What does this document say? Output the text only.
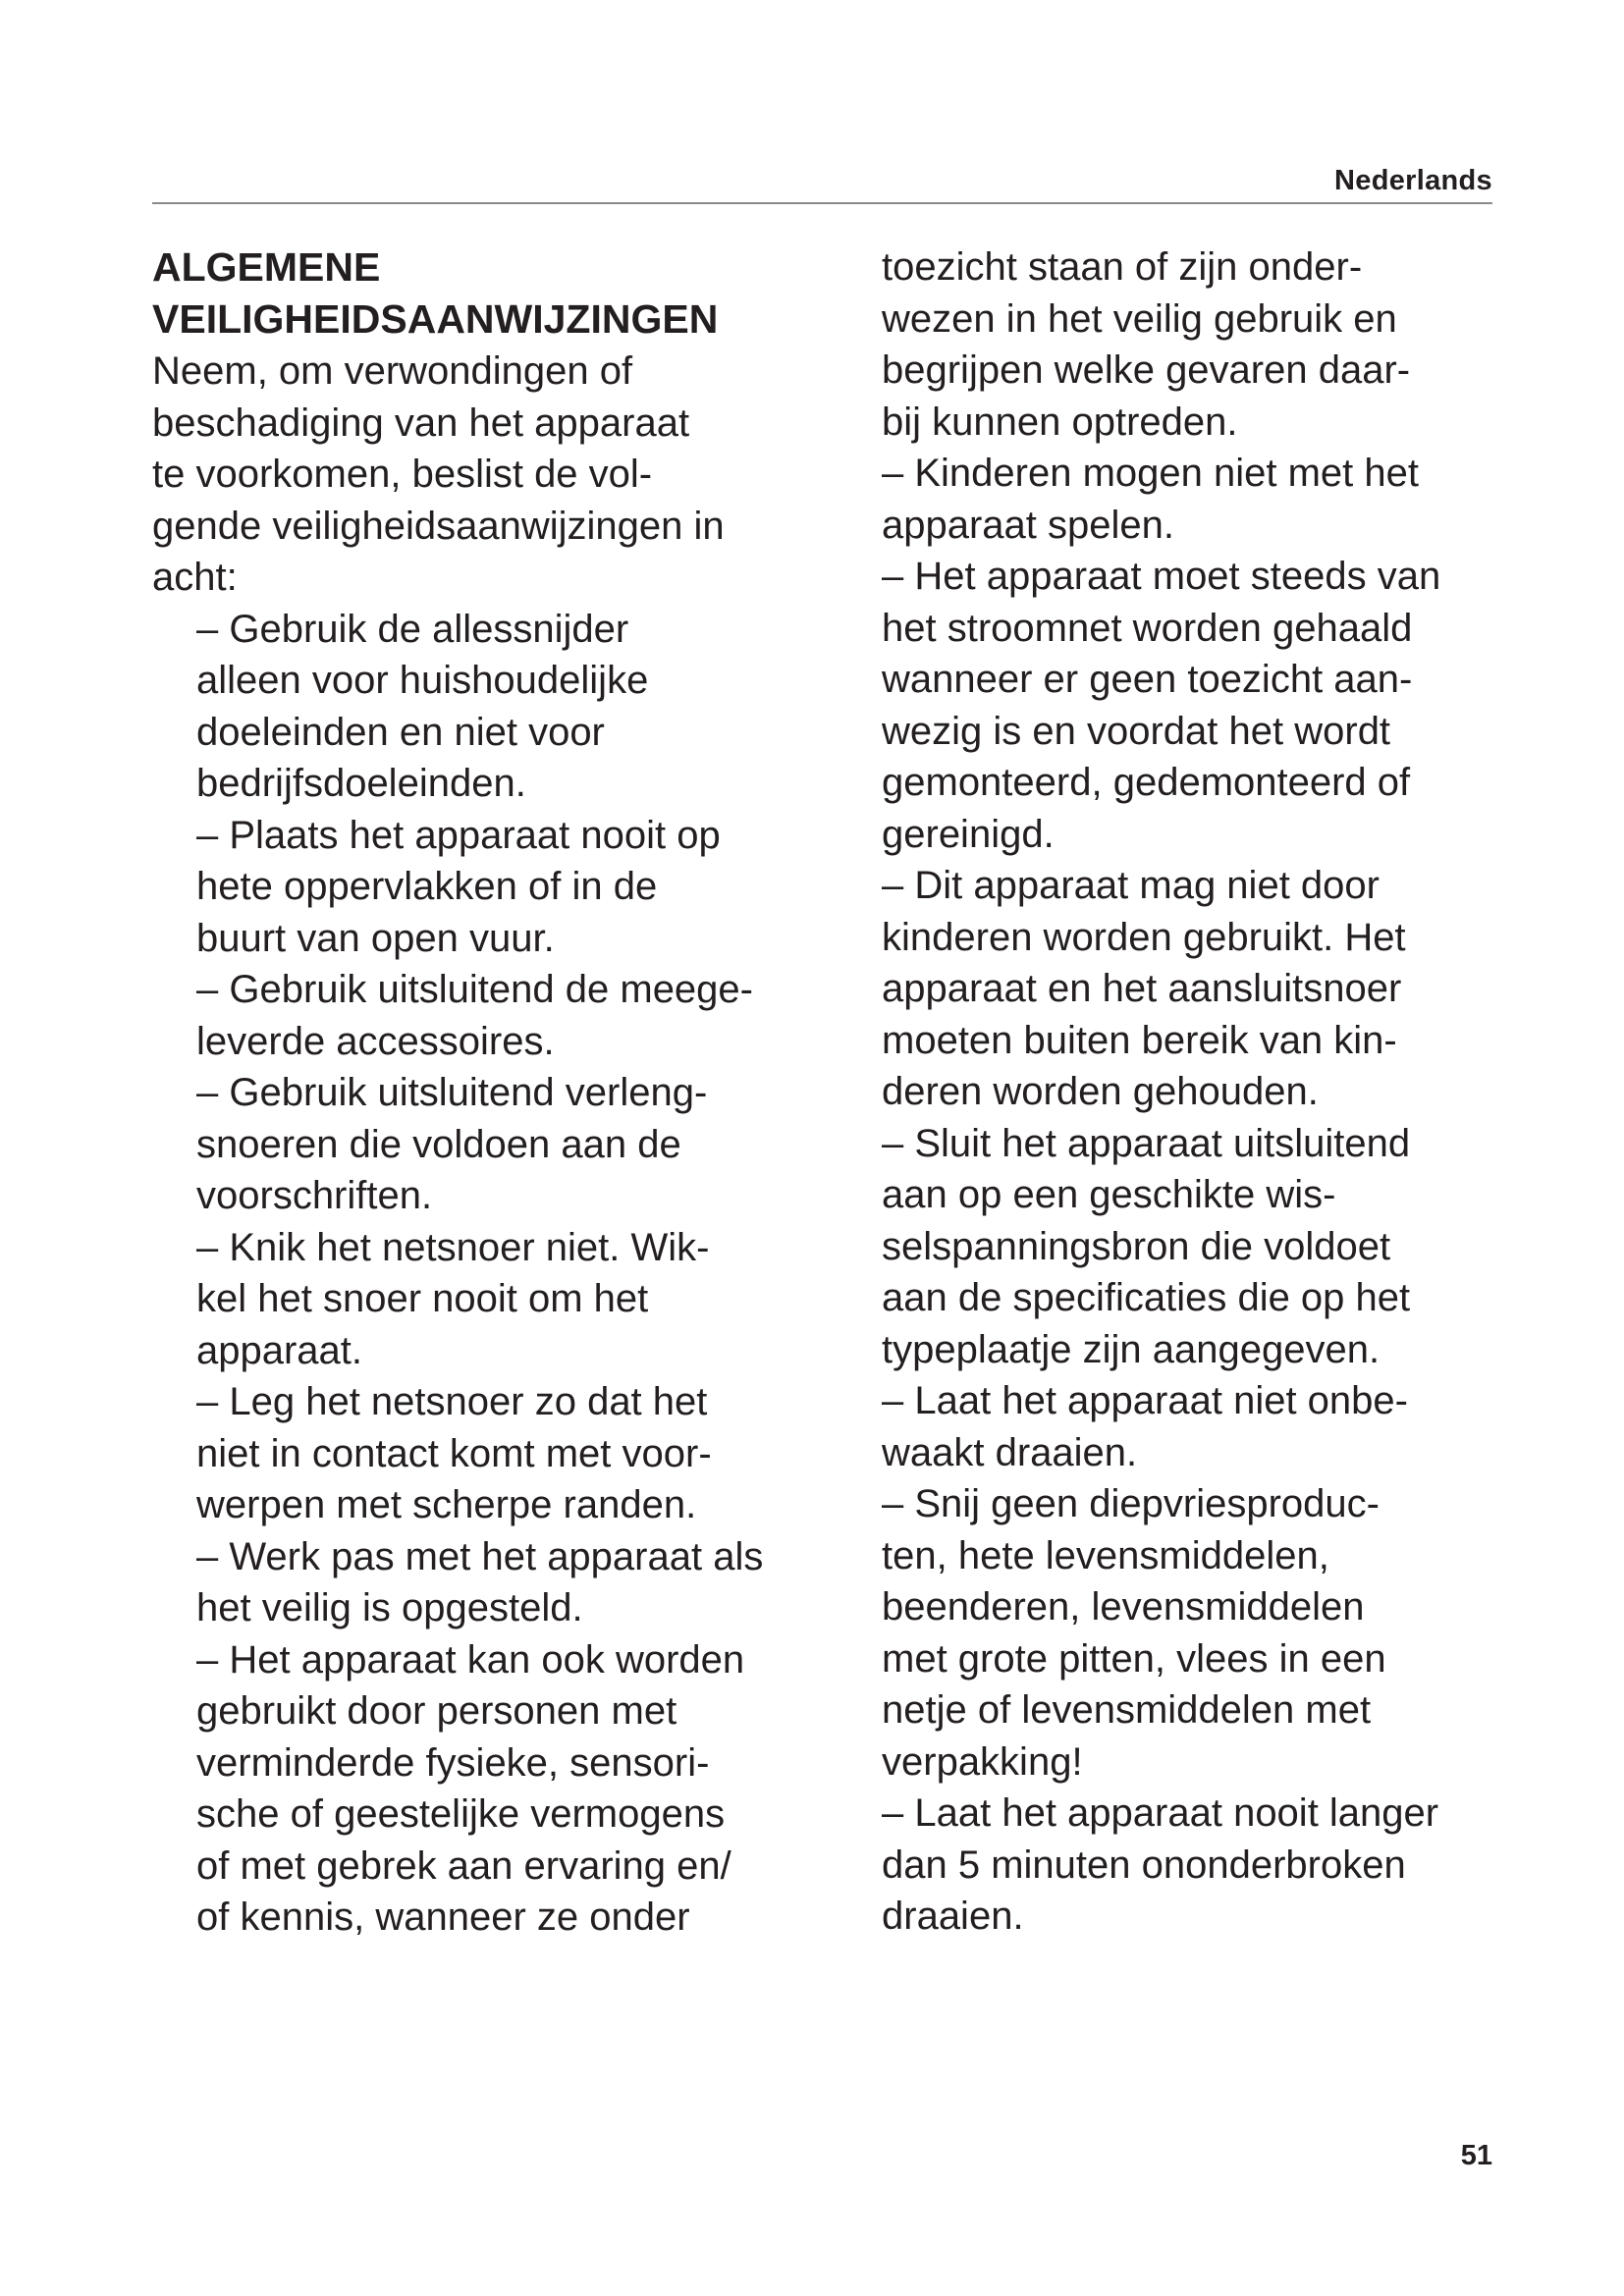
Nederlands
ALGEMENE
VEILIGHEIDSAANWIJZINGEN
Neem, om verwondingen of
beschadiging van het apparaat
te voorkomen, beslist de vol-
gende veiligheidsaanwijzingen in
acht:
– Gebruik de allessnijder
alleen voor huishoudelijke
doeleinden en niet voor
bedrijfsdoeleinden.
– Plaats het apparaat nooit op
hete oppervlakken of in de
buurt van open vuur.
– Gebruik uitsluitend de meege-
leverde accessoires.
– Gebruik uitsluitend verleng-
snoeren die voldoen aan de
voorschriften.
– Knik het netsnoer niet. Wik-
kel het snoer nooit om het
apparaat.
– Leg het netsnoer zo dat het
niet in contact komt met voor-
werpen met scherpe randen.
– Werk pas met het apparaat als
het veilig is opgesteld.
– Het apparaat kan ook worden
gebruikt door personen met
verminderde fysieke, sensori-
sche of geestelijke vermogens
of met gebrek aan ervaring en/
of kennis, wanneer ze onder
toezicht staan of zijn onder-
wezen in het veilig gebruik en
begrijpen welke gevaren daar-
bij kunnen optreden.
– Kinderen mogen niet met het
apparaat spelen.
– Het apparaat moet steeds van
het stroomnet worden gehaald
wanneer er geen toezicht aan-
wezig is en voordat het wordt
gemonteerd, gedemonteerd of
gereinigd.
– Dit apparaat mag niet door
kinderen worden gebruikt. Het
apparaat en het aansluitsnoer
moeten buiten bereik van kin-
deren worden gehouden.
– Sluit het apparaat uitsluitend
aan op een geschikte wis-
selspanningsbron die voldoet
aan de specificaties die op het
typeplaatje zijn aangegeven.
– Laat het apparaat niet onbe-
waakt draaien.
– Snij geen diepvriesproduc-
ten, hete levensmiddelen,
beenderen, levensmiddelen
met grote pitten, vlees in een
netje of levensmiddelen met
verpakking!
– Laat het apparaat nooit langer
dan 5 minuten ononderbroken
draaien.
51
